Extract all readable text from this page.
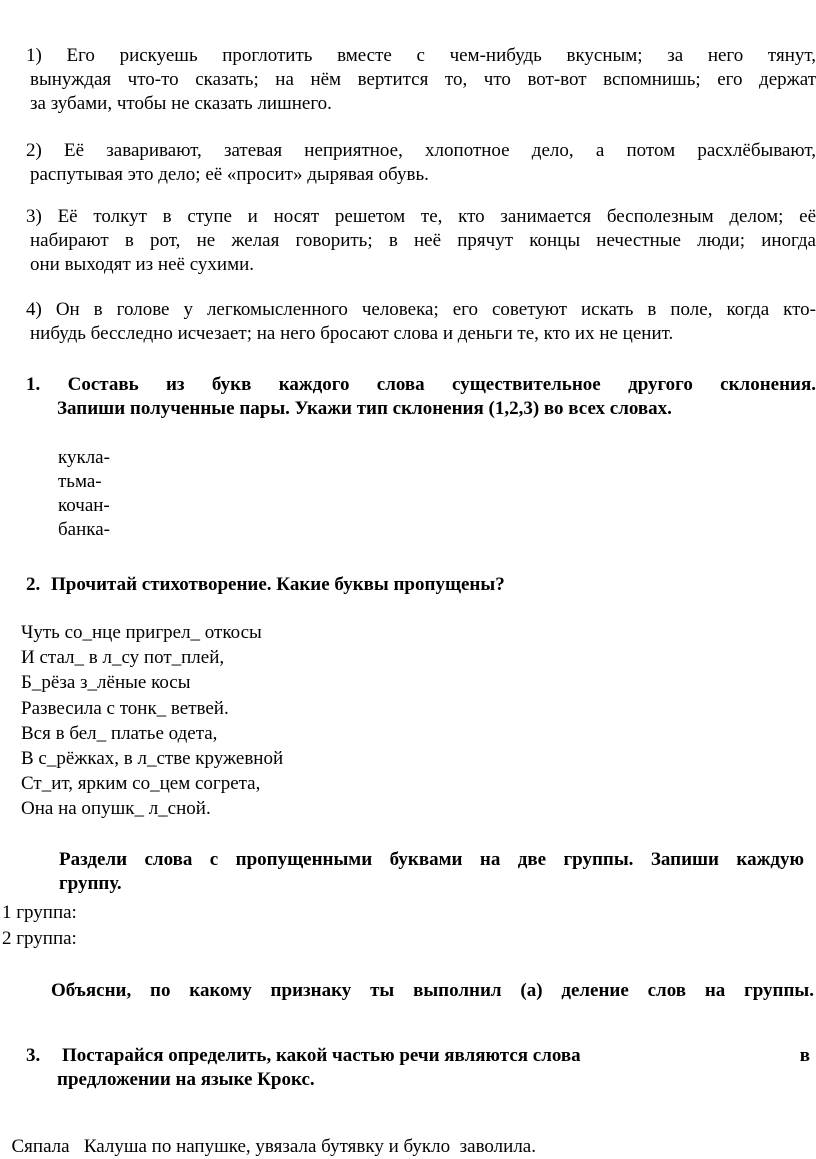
1) Его рискуешь проглотить вместе с чем-нибудь вкусным; за него тянут,
вынуждая что-то сказать; на нём вертится то, что вот-вот вспомнишь; его держат
за зубами, чтобы не сказать лишнего.
2) Её заваривают, затевая неприятное, хлопотное дело, а потом расхлёбывают,
распутывая это дело; её «просит» дырявая обувь.
3) Её толкут в ступе и носят решетом те, кто занимается бесполезным делом; её
набирают в рот, не желая говорить; в неё прячут концы нечестные люди; иногда
они выходят из неё сухими.
4) Он в голове у легкомысленного человека; его советуют искать в поле, когда кто-
нибудь бесследно исчезает; на него бросают слова и деньги те, кто их не ценит.
1. Составь из букв каждого слова существительное другого склонения.
Запиши полученные пары. Укажи тип склонения (1,2,3) во всех словах.
кукла-
тьма-
кочан-
банка-
2. Прочитай стихотворение. Какие буквы пропущены?
Чуть со_нце пригрел_ откосы
И стал_ в л_су пот_плей,
Б_рёза з_лёные косы
Развесила с тонк_ ветвей.
Вся в бел_ платье одета,
В с_рёжках, в л_стве кружевной
Ст_ит, ярким со_цем согрета,
Она на опушк_ л_сной.
Раздели слова с пропущенными буквами на две группы. Запиши каждую
группу.
1 группа:
2 группа:
Объясни, по какому признаку ты выполнил (а) деление слов на группы.
3. Постарайся определить, какой частью речи являются слова	в
предложении на языке Крокс.

Сяпала   Калуша по напушке, увязала бутявку и букло  заволила.
